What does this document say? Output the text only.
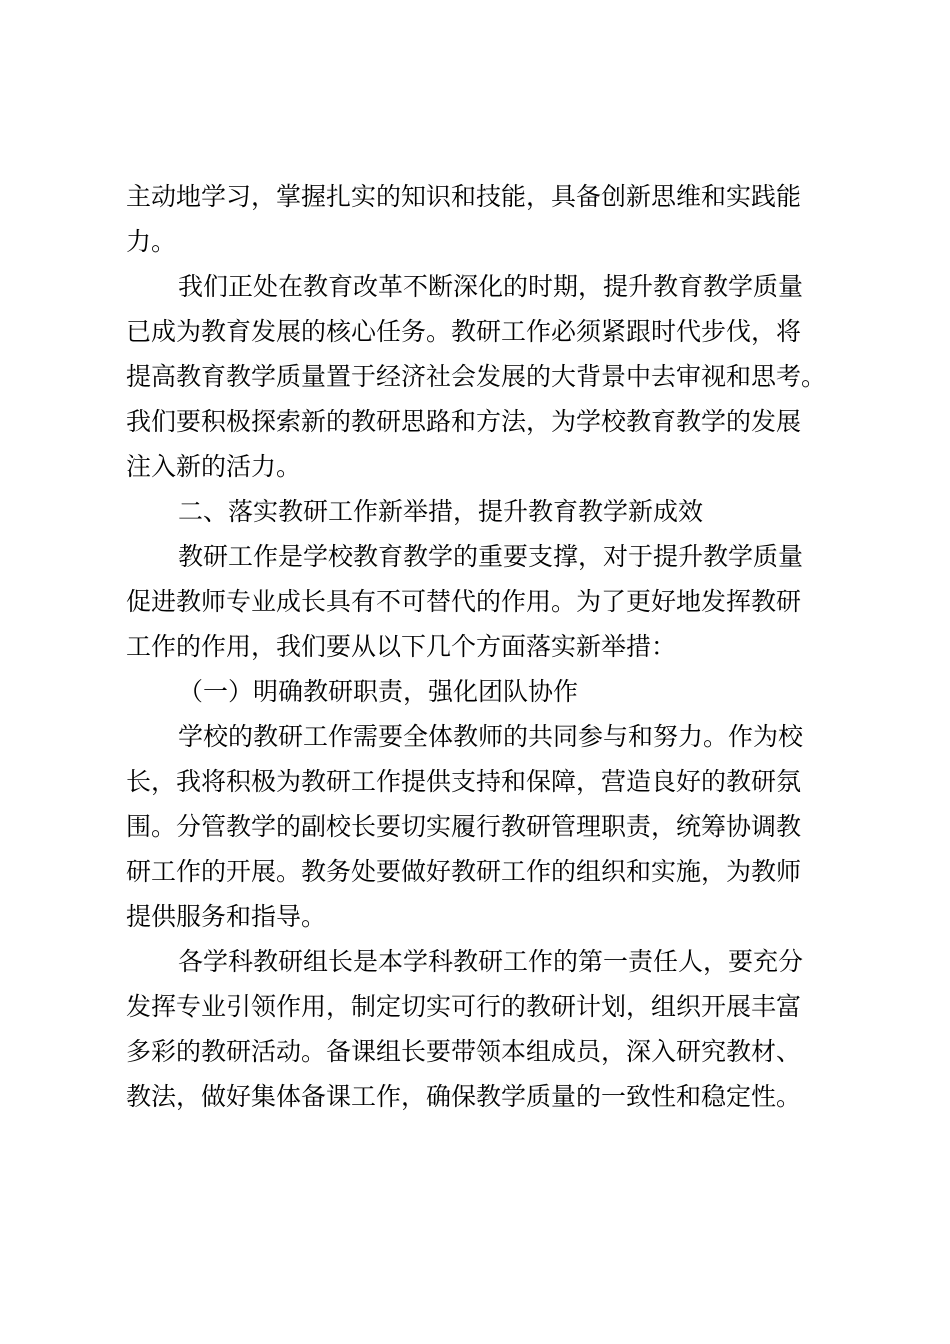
主动地学习，掌握扎实的知识和技能，具备创新思维和实践能
力。
我们正处在教育改革不断深化的时期，提升教育教学质量
已成为教育发展的核心任务。教研工作必须紧跟时代步伐，将
提高教育教学质量置于经济社会发展的大背景中去审视和思考。
我们要积极探索新的教研思路和方法，为学校教育教学的发展
注入新的活力。
二、落实教研工作新举措，提升教育教学新成效
教研工作是学校教育教学的重要支撑，对于提升教学质量
促进教师专业成长具有不可替代的作用。为了更好地发挥教研
工作的作用，我们要从以下几个方面落实新举措：
（一）明确教研职责，强化团队协作
学校的教研工作需要全体教师的共同参与和努力。作为校
长，我将积极为教研工作提供支持和保障，营造良好的教研氛
围。分管教学的副校长要切实履行教研管理职责，统筹协调教
研工作的开展。教务处要做好教研工作的组织和实施，为教师
提供服务和指导。
各学科教研组长是本学科教研工作的第一责任人，要充分
发挥专业引领作用，制定切实可行的教研计划，组织开展丰富
多彩的教研活动。备课组长要带领本组成员，深入研究教材、
教法，做好集体备课工作，确保教学质量的一致性和稳定性。
